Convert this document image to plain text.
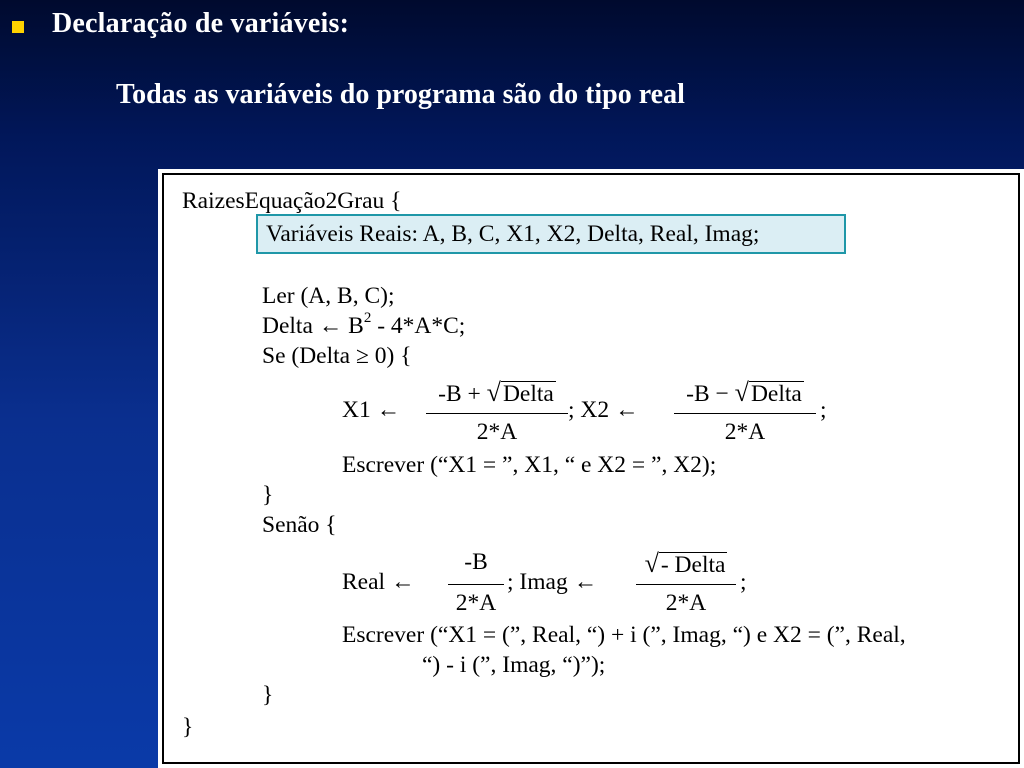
Declaração de variáveis:
Todas as variáveis do programa são do tipo real
RaizesEquação2Grau {
Variáveis Reais: A, B, C, X1, X2, Delta, Real, Imag;
Ler (A, B, C);
Delta ← $B^2 - 4*A*C$;
Se (Delta ≥ 0) {
X1 ←
-B + √Delta
2*A
; X2 ←
-B − √Delta
2*A
;
Escrever (“X1 = ”, X1, “ e X2 = ”, X2);
}
Senão {
Real ←
-B
2*A
; Imag ←
√- Delta
2*A
;
Escrever (“X1 = (”, Real, “) + i (”, Imag, “) e X2 = (”, Real,
“) - i (”, Imag, “)”);
}
}
